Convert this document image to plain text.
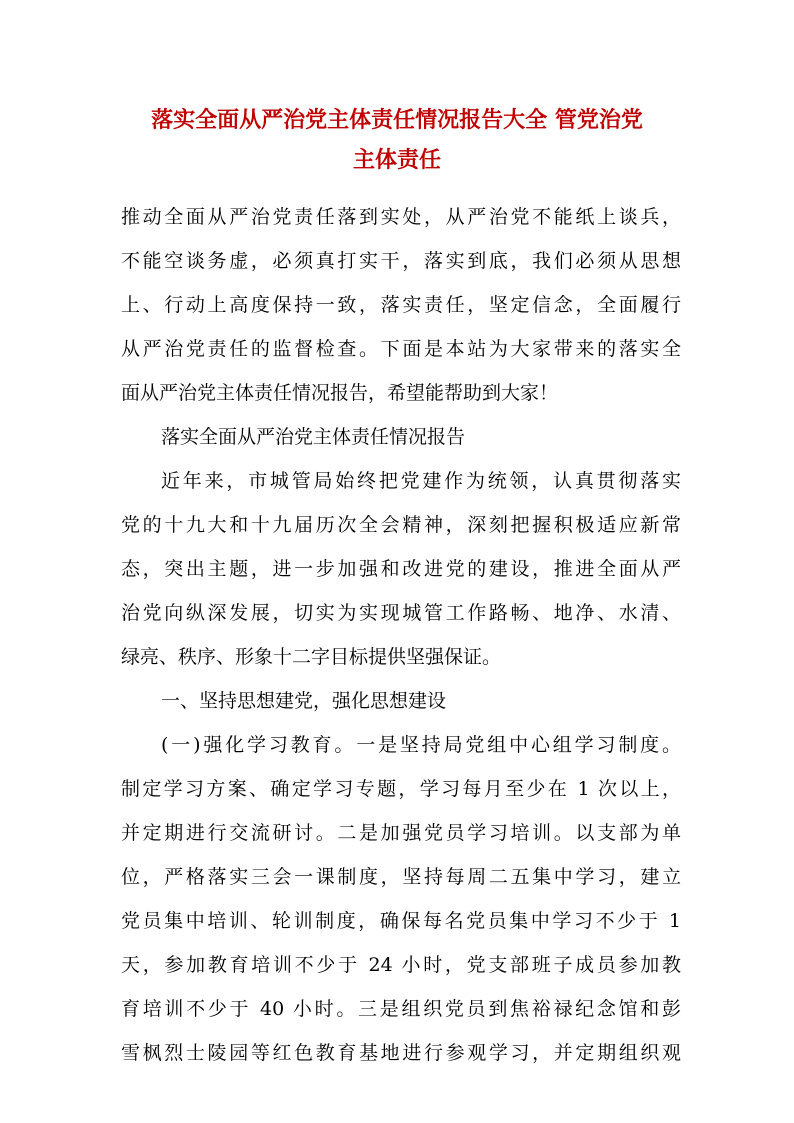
落实全面从严治党主体责任情况报告大全 管党治党
主体责任
推动全面从严治党责任落到实处，从严治党不能纸上谈兵，
不能空谈务虚，必须真打实干，落实到底，我们必须从思想
上、行动上高度保持一致，落实责任，坚定信念，全面履行
从严治党责任的监督检查。下面是本站为大家带来的落实全
面从严治党主体责任情况报告，希望能帮助到大家！
落实全面从严治党主体责任情况报告
近年来，市城管局始终把党建作为统领，认真贯彻落实
党的十九大和十九届历次全会精神，深刻把握积极适应新常
态，突出主题，进一步加强和改进党的建设，推进全面从严
治党向纵深发展，切实为实现城管工作路畅、地净、水清、
绿亮、秩序、形象十二字目标提供坚强保证。
一、坚持思想建党，强化思想建设
(一)强化学习教育。一是坚持局党组中心组学习制度。
制定学习方案、确定学习专题，学习每月至少在 1 次以上，
并定期进行交流研讨。二是加强党员学习培训。以支部为单
位，严格落实三会一课制度，坚持每周二五集中学习，建立
党员集中培训、轮训制度，确保每名党员集中学习不少于 1
天，参加教育培训不少于 24 小时，党支部班子成员参加教
育培训不少于 40 小时。三是组织党员到焦裕禄纪念馆和彭
雪枫烈士陵园等红色教育基地进行参观学习，并定期组织观
